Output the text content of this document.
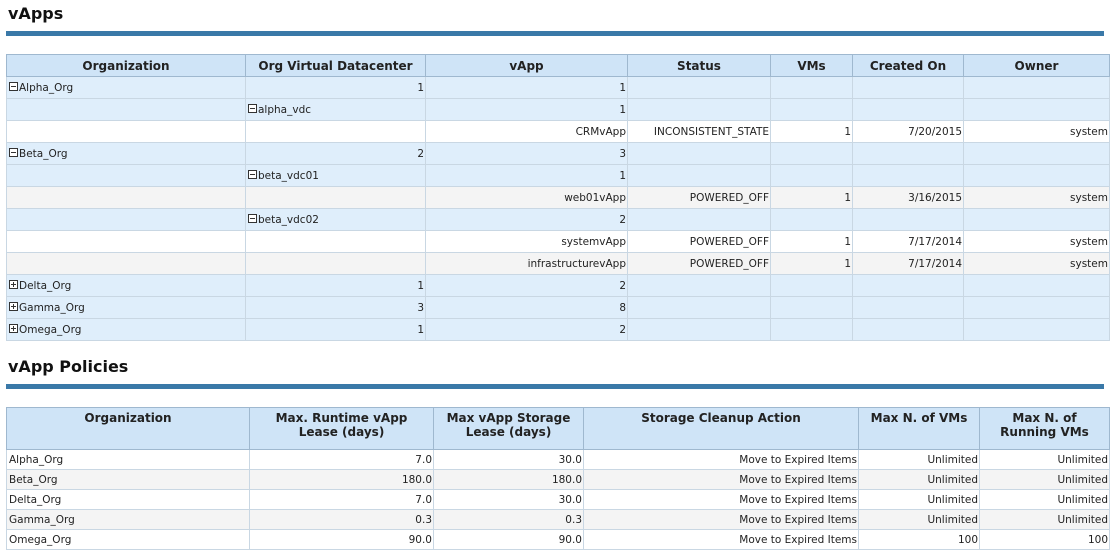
vApps
Organization	Org Virtual Datacenter	vApp	Status	VMs	Created On	Owner
Alpha_Org	1	1				
	alpha_vdc	1				
		CRMvApp	INCONSISTENT_STATE	1	7/20/2015	system
Beta_Org	2	3				
	beta_vdc01	1				
		web01vApp	POWERED_OFF	1	3/16/2015	system
	beta_vdc02	2				
		systemvApp	POWERED_OFF	1	7/17/2014	system
		infrastructurevApp	POWERED_OFF	1	7/17/2014	system
Delta_Org	1	2				
Gamma_Org	3	8				
Omega_Org	1	2				
vApp Policies
Organization	Max. Runtime vApp Lease (days)	Max vApp Storage Lease (days)	Storage Cleanup Action	Max N. of VMs	Max N. of Running VMs
Alpha_Org	7.0	30.0	Move to Expired Items	Unlimited	Unlimited
Beta_Org	180.0	180.0	Move to Expired Items	Unlimited	Unlimited
Delta_Org	7.0	30.0	Move to Expired Items	Unlimited	Unlimited
Gamma_Org	0.3	0.3	Move to Expired Items	Unlimited	Unlimited
Omega_Org	90.0	90.0	Move to Expired Items	100	100
